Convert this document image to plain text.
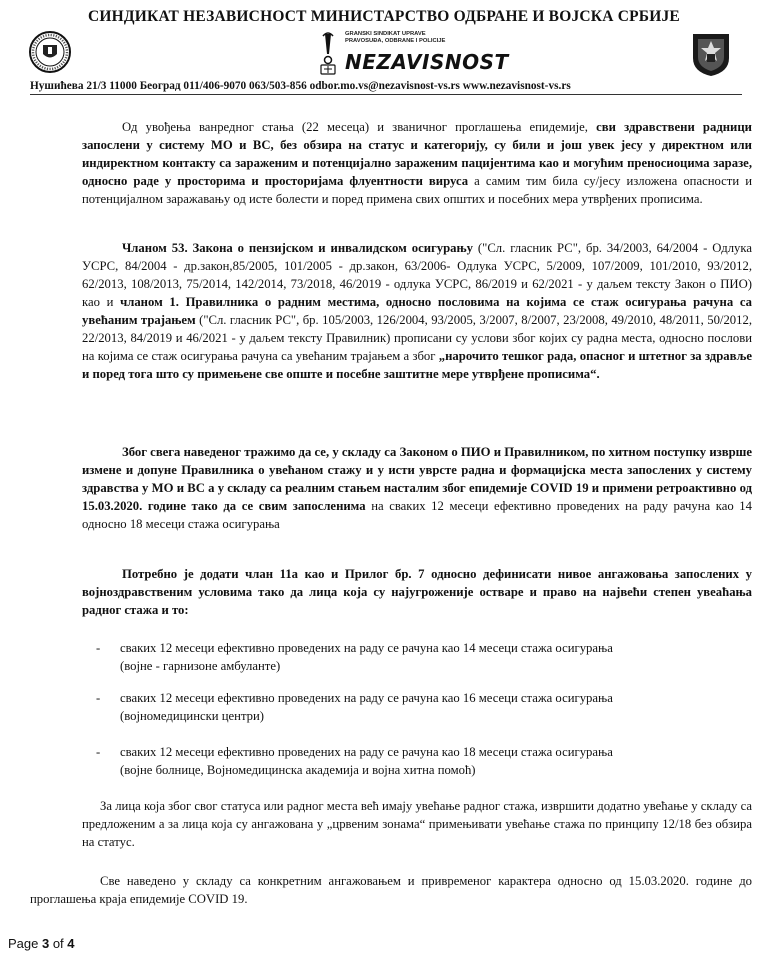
СИНДИКАТ НЕЗАВИСНОСТ МИНИСТАРСТВО ОДБРАНЕ И ВОЈСКА СРБИЈЕ
GRANSKI SINDIKAT UPRAVE
PRAVOSUĐA, ODBRANE I POLICIJE
NEZAVISNOST
Нушићева 21/3 11000 Београд 011/406-9070 063/503-856 odbor.mo.vs@nezavisnost-vs.rs www.nezavisnost-vs.rs
Од увођења ванредног стања (22 месеца) и званичног проглашења епидемије, сви здравствени радници запослени у систему МО и ВС, без обзира на статус и категорију, су били и још увек јесу у директном или индиректном контакту са зараженим и потенцијално зараженим пацијентима као и могућим преносиоцима заразе, односно раде у просторима и просторијама флуентности вируса а самим тим била су/јесу изложена опасности и потенцијалном заражавању од исте болести и поред примена свих општих и посебних мера утврђених прописима.
Чланом 53. Закона о пензијском и инвалидском осигурању ("Сл. гласник РС", бр. 34/2003, 64/2004 - Одлука УСРС, 84/2004 - др.закон,85/2005, 101/2005 - др.закон, 63/2006- Одлука УСРС, 5/2009, 107/2009, 101/2010, 93/2012, 62/2013, 108/2013, 75/2014, 142/2014, 73/2018, 46/2019 - одлука УСРС, 86/2019 и 62/2021 - у даљем тексту Закон о ПИО) као и чланом 1. Правилника о радним местима, односно пословима на којима се стаж осигурања рачуна са увећаним трајањем ("Сл. гласник РС", бр. 105/2003, 126/2004, 93/2005, 3/2007, 8/2007, 23/2008, 49/2010, 48/2011, 50/2012, 22/2013, 84/2019 и 46/2021 - у даљем тексту Правилник) прописани су услови због којих су радна места, односно послови на којима се стаж осигурања рачуна са увећаним трајањем а због „нарочито тешког рада, опасног и штетног за здравље и поред тога што су примењене све опште и посебне заштитне мере утврђене прописима“.
Због свега наведеног тражимо да се, у складу са Законом о ПИО и Правилником, по хитном поступку изврше измене и допуне Правилника о увећаном стажу и у исти уврсте радна и формацијска места запослених у систему здравства у МО и ВС а у складу са реалним стањем насталим због епидемије COVID 19 и примени ретроактивно од 15.03.2020. године тако да се свим запосленима на сваких 12 месеци ефективно проведених на раду рачуна као 14 односно 18 месеци стажа осигурања
Потребно је додати члан 11а као и Прилог бр. 7 односно дефинисати нивое ангажовања запослених у војноздравственим условима тако да лица која су најугроженије остваре и право на највећи степен увеаћања радног стажа и то:
- сваких 12 месеци ефективно проведених на раду се рачуна као 14 месеци стажа осигурања
(војне - гарнизоне амбуланте)
- сваких 12 месеци ефективно проведених на раду се рачуна као 16 месеци стажа осигурања
(војномедицински центри)
- сваких 12 месеци ефективно проведених на раду се рачуна као 18 месеци стажа осигурања
(војне болнице, Војномедицинска академија и војна хитна помоћ)
За лица која због свог статуса или радног места већ имају увећање радног стажа, извршити додатно увећање у складу са предложеним а за лица која су ангажована у „црвеним зонама“ примењивати увећање стажа по принципу 12/18 без обзира на статус.
Све наведено у складу са конкретним ангажовањем и привременог карактера односно од 15.03.2020. године до проглашења краја епидемије COVID 19.
Page 3 of 4
